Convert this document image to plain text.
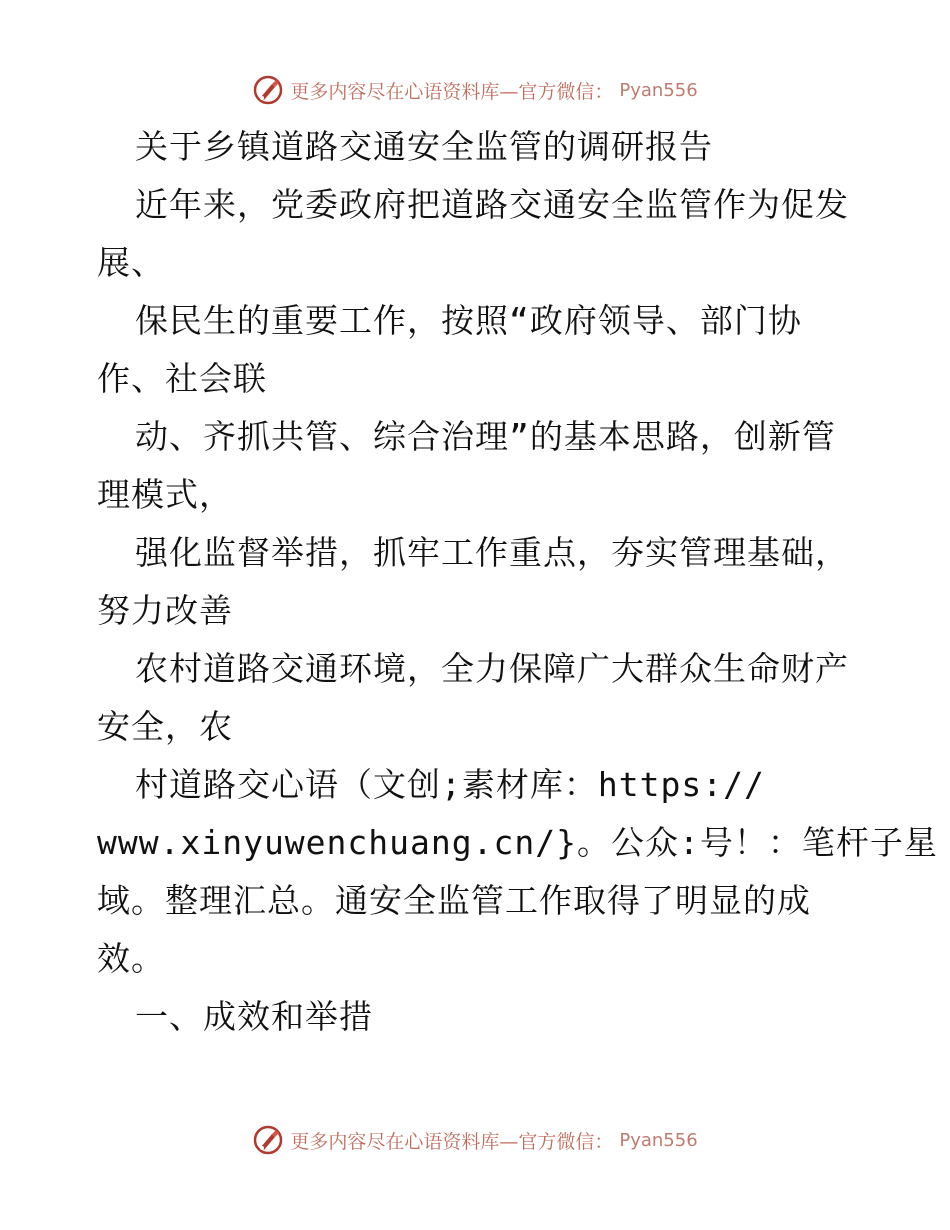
更多内容尽在心语资料库—官方微信： Pyan556
关于乡镇道路交通安全监管的调研报告
近年来，党委政府把道路交通安全监管作为促发
展、
保民生的重要工作，按照“政府领导、部门协
作、社会联
动、齐抓共管、综合治理”的基本思路，创新管
理模式，
强化监督举措，抓牢工作重点，夯实管理基础，
努力改善
农村道路交通环境，全力保障广大群众生命财产
安全，农
村道路交心语（文创;素材库：https://
www.xinyuwenchuang.cn/}。公众:号！：笔杆子星
域。整理汇总。通安全监管工作取得了明显的成
效。
一、成效和举措
更多内容尽在心语资料库—官方微信： Pyan556
